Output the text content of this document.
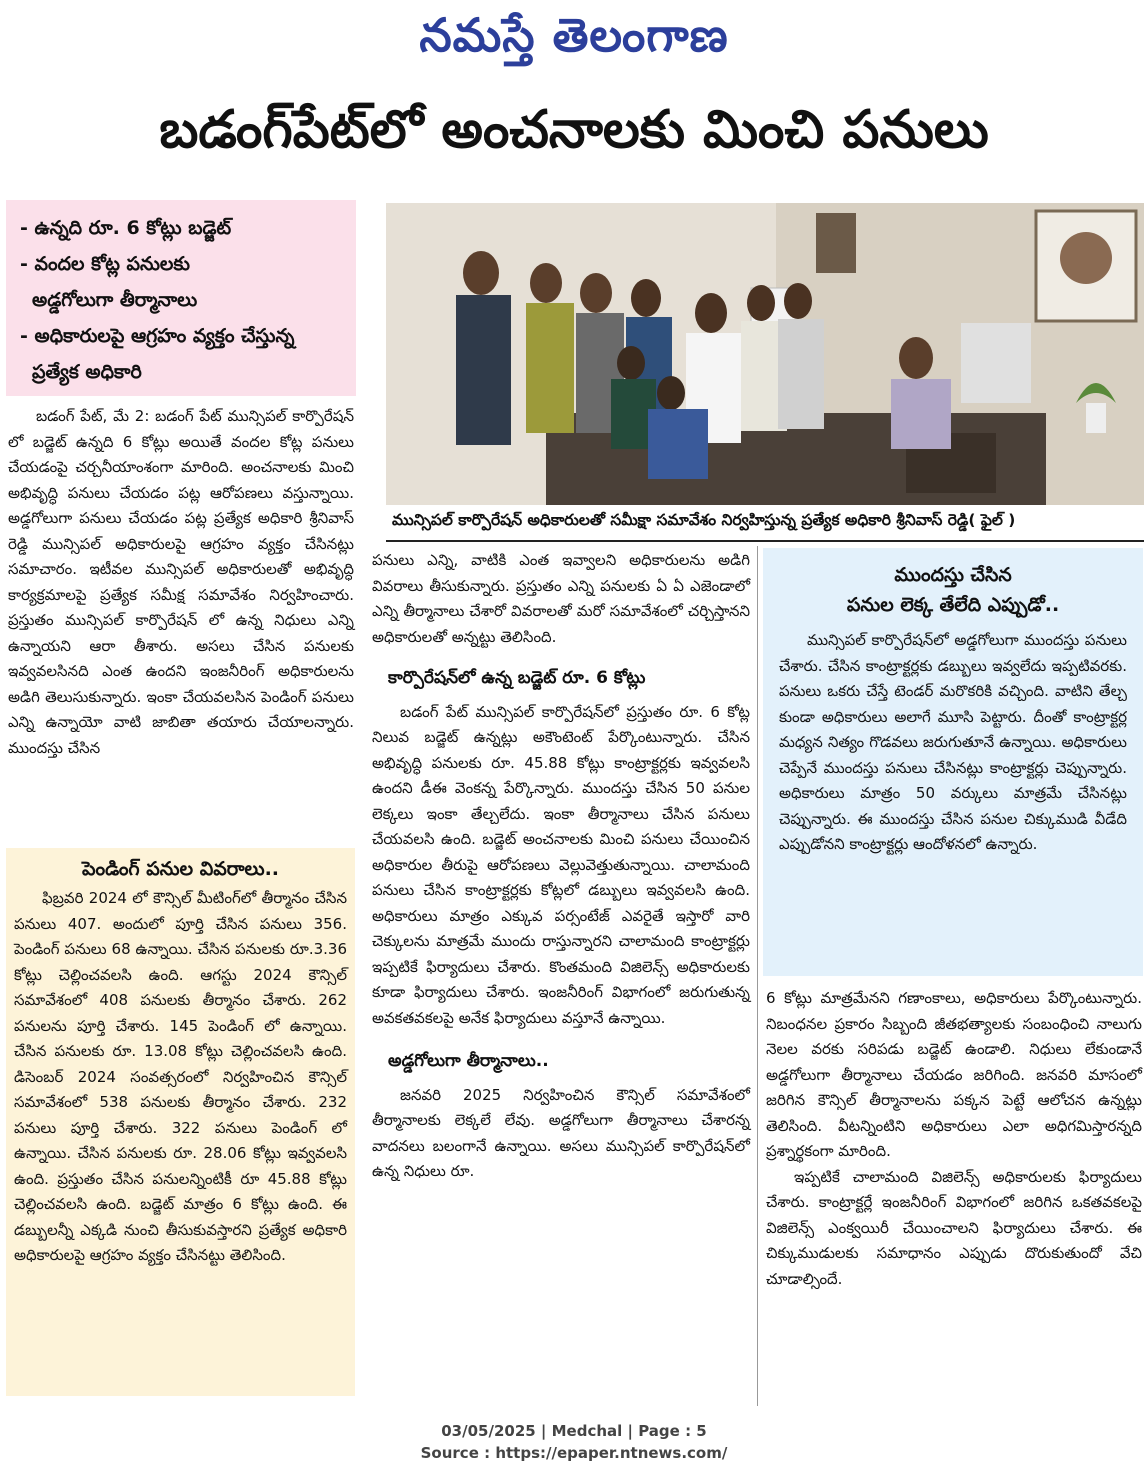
నమస్తే తెలంగాణ
బడంగ్‌పేట్‌లో అంచనాలకు మించి పనులు
- ఉన్నది రూ. 6 కోట్లు బడ్జెట్
- వందల కోట్ల పనులకు
అడ్డగోలుగా తీర్మానాలు
- అధికారులపై ఆగ్రహం వ్యక్తం చేస్తున్న
ప్రత్యేక అధికారి
మున్సిపల్ కార్పొరేషన్ అధికారులతో సమీక్షా సమావేశం నిర్వహిస్తున్న ప్రత్యేక అధికారి శ్రీనివాస్ రెడ్డి( ఫైల్ )

బడంగ్ పేట్, మే 2: బడంగ్ పేట్ మున్సిపల్ కార్పొరేషన్ లో బడ్జెట్ ఉన్నది 6 కోట్లు అయితే వందల కోట్ల పనులు చేయడంపై చర్చనీయాంశంగా మారింది. అంచనాలకు మించి అభివృద్ధి పనులు చేయడం పట్ల ఆరోపణలు వస్తున్నాయి. అడ్డగోలుగా పనులు చేయడం పట్ల ప్రత్యేక అధికారి శ్రీనివాస్ రెడ్డి మున్సిపల్ అధికారులపై ఆగ్రహం వ్యక్తం చేసినట్లు సమాచారం. ఇటీవల మున్సిపల్ అధికారులతో అభివృద్ధి కార్యక్రమాలపై ప్రత్యేక సమీక్ష సమావేశం నిర్వహించారు. ప్రస్తుతం మున్సిపల్ కార్పొరేషన్ లో ఉన్న నిధులు ఎన్ని ఉన్నాయని ఆరా తీశారు. అసలు చేసిన పనులకు ఇవ్వవలసినది ఎంత ఉందని ఇంజనీరింగ్ అధికారులను అడిగి తెలుసుకున్నారు. ఇంకా చేయవలసిన పెండింగ్ పనులు ఎన్ని ఉన్నాయో వాటి జాబితా తయారు చేయాలన్నారు. ముందస్తు చేసిన

పెండింగ్ పనుల వివరాలు..

ఫిబ్రవరి 2024 లో కౌన్సిల్ మీటింగ్‌లో తీర్మానం చేసిన పనులు 407. అందులో పూర్తి చేసిన పనులు 356. పెండింగ్ పనులు 68 ఉన్నాయి. చేసిన పనులకు రూ.3.36 కోట్లు చెల్లించవలసి ఉంది. ఆగస్టు 2024 కౌన్సిల్ సమావేశంలో 408 పనులకు తీర్మానం చేశారు. 262 పనులను పూర్తి చేశారు. 145 పెండింగ్ లో ఉన్నాయి. చేసిన పనులకు రూ. 13.08 కోట్లు చెల్లించవలసి ఉంది. డిసెంబర్ 2024 సంవత్సరంలో నిర్వహించిన కౌన్సిల్ సమావేశంలో 538 పనులకు తీర్మానం చేశారు. 232 పనులు పూర్తి చేశారు. 322 పనులు పెండింగ్ లో ఉన్నాయి. చేసిన పనులకు రూ. 28.06 కోట్లు ఇవ్వవలసి ఉంది. ప్రస్తుతం చేసిన పనులన్నింటికీ రూ 45.88 కోట్లు చెల్లించవలసి ఉంది. బడ్జెట్ మాత్రం 6 కోట్లు ఉంది. ఈ డబ్బులన్నీ ఎక్కడి నుంచి తీసుకువస్తారని ప్రత్యేక అధికారి అధికారులపై ఆగ్రహం వ్యక్తం చేసినట్టు తెలిసింది.

పనులు ఎన్ని, వాటికి ఎంత ఇవ్వాలని అధికారులను అడిగి వివరాలు తీసుకున్నారు. ప్రస్తుతం ఎన్ని పనులకు ఏ ఏ ఎజెండాలో ఎన్ని తీర్మానాలు చేశారో వివరాలతో మరో సమావేశంలో చర్చిస్తానని అధికారులతో అన్నట్టు తెలిసింది.

కార్పొరేషన్‌లో ఉన్న బడ్జెట్ రూ. 6 కోట్లు

బడంగ్ పేట్ మున్సిపల్ కార్పొరేషన్‌లో ప్రస్తుతం రూ. 6 కోట్ల నిలువ బడ్జెట్ ఉన్నట్లు అకౌంటెంట్ పేర్కొంటున్నారు. చేసిన అభివృద్ధి పనులకు రూ. 45.88 కోట్లు కాంట్రాక్టర్లకు ఇవ్వవలసి ఉందని డీఈ వెంకన్న పేర్కొన్నారు. ముందస్తు చేసిన 50 పనుల లెక్కలు ఇంకా తేల్చలేదు. ఇంకా తీర్మానాలు చేసిన పనులు చేయవలసి ఉంది. బడ్జెట్ అంచనాలకు మించి పనులు చేయించిన అధికారుల తీరుపై ఆరోపణలు వెల్లువెత్తుతున్నాయి. చాలామంది పనులు చేసిన కాంట్రాక్టర్లకు కోట్లలో డబ్బులు ఇవ్వవలసి ఉంది. అధికారులు మాత్రం ఎక్కువ పర్సంటేజ్ ఎవరైతే ఇస్తారో వారి చెక్కులను మాత్రమే ముందు రాస్తున్నారని చాలామంది కాంట్రాక్టర్లు ఇప్పటికే ఫిర్యాదులు చేశారు. కొంతమంది విజిలెన్స్ అధికారులకు కూడా ఫిర్యాదులు చేశారు. ఇంజనీరింగ్ విభాగంలో జరుగుతున్న అవకతవకలపై అనేక ఫిర్యాదులు వస్తూనే ఉన్నాయి.

అడ్డగోలుగా తీర్మానాలు..

జనవరి 2025 నిర్వహించిన కౌన్సిల్ సమావేశంలో తీర్మానాలకు లెక్కలే లేవు. అడ్డగోలుగా తీర్మానాలు చేశారన్న వాదనలు బలంగానే ఉన్నాయి. అసలు మున్సిపల్ కార్పొరేషన్‌లో ఉన్న నిధులు రూ.

ముందస్తు చేసిన
పనుల లెక్క తేలేది ఎప్పుడో..

మున్సిపల్ కార్పొరేషన్‌లో అడ్డగోలుగా ముందస్తు పనులు చేశారు. చేసిన కాంట్రాక్టర్లకు డబ్బులు ఇవ్వలేదు ఇప్పటివరకు. పనులు ఒకరు చేస్తే టెండర్ మరొకరికి వచ్చింది. వాటిని తేల్చ కుండా అధికారులు అలాగే మూసి పెట్టారు. దీంతో కాంట్రాక్టర్ల మధ్యన నిత్యం గొడవలు జరుగుతూనే ఉన్నాయి. అధికారులు చెప్పేనే ముందస్తు పనులు చేసినట్లు కాంట్రాక్టర్లు చెప్పున్నారు. అధికారులు మాత్రం 50 వర్కులు మాత్రమే చేసినట్లు చెప్పున్నారు. ఈ ముందస్తు చేసిన పనుల చిక్కుముడి వీడేది ఎప్పుడోనని కాంట్రాక్టర్లు ఆందోళనలో ఉన్నారు.

6 కోట్లు మాత్రమేనని గణాంకాలు, అధికారులు పేర్కొంటున్నారు. నిబంధనల ప్రకారం సిబ్బంది జీతభత్యాలకు సంబంధించి నాలుగు నెలల వరకు సరిపడు బడ్జెట్ ఉండాలి. నిధులు లేకుండానే అడ్డగోలుగా తీర్మానాలు చేయడం జరిగింది. జనవరి మాసంలో జరిగిన కౌన్సిల్ తీర్మానాలను పక్కన పెట్టే ఆలోచన ఉన్నట్లు తెలిసింది. వీటన్నింటిని అధికారులు ఎలా అధిగమిస్తారన్నది ప్రశ్నార్థకంగా మారింది.

ఇప్పటికే చాలామంది విజిలెన్స్ అధికారులకు ఫిర్యాదులు చేశారు. కాంట్రాక్టర్లే ఇంజనీరింగ్ విభాగంలో జరిగిన ఒకతవకలపై విజిలెన్స్ ఎంక్వయిరీ చేయించాలని ఫిర్యాదులు చేశారు. ఈ చిక్కుముడులకు సమాధానం ఎప్పుడు దొరుకుతుందో వేచి చూడాల్సిందే.

03/05/2025 | Medchal | Page : 5
Source : https://epaper.ntnews.com/
